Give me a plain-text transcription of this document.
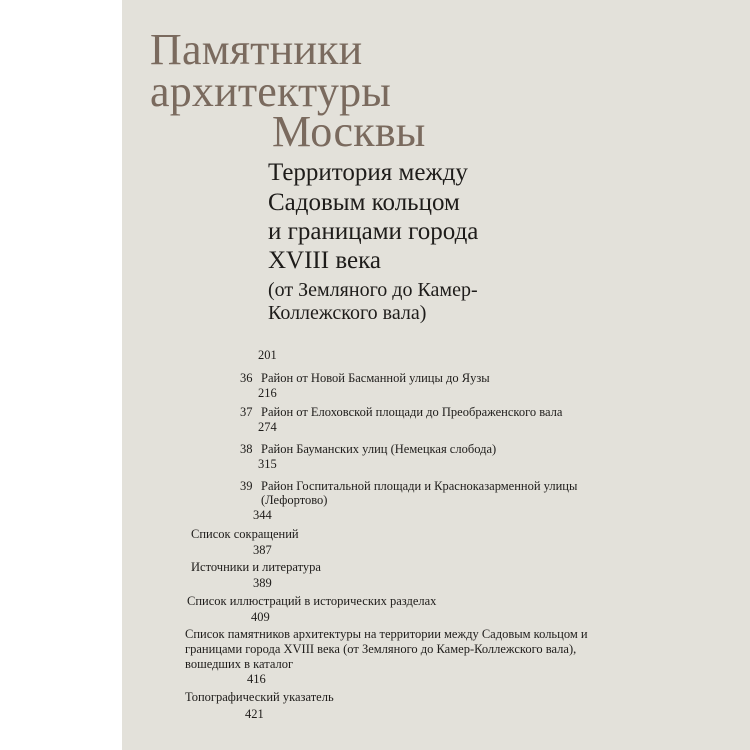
Памятники
архитектуры
Москвы
Территория между
Садовым кольцом
и границами города
XVIII века
(от Земляного до Камер-
Коллежского вала)
201
36 Район от Новой Басманной улицы до Яузы
216
37 Район от Елоховской площади до Преображенского вала
274
38 Район Бауманских улиц (Немецкая слобода)
315
39 Район Госпитальной площади и Красноказарменной улицы
(Лефортово)
344
Список сокращений
387
Источники и литература
389
Список иллюстраций в исторических разделах
409
Список памятников архитектуры на территории между Садовым кольцом и
границами города XVIII века (от Земляного до Камер-Коллежского вала),
вошедших в каталог
416
Топографический указатель
421
